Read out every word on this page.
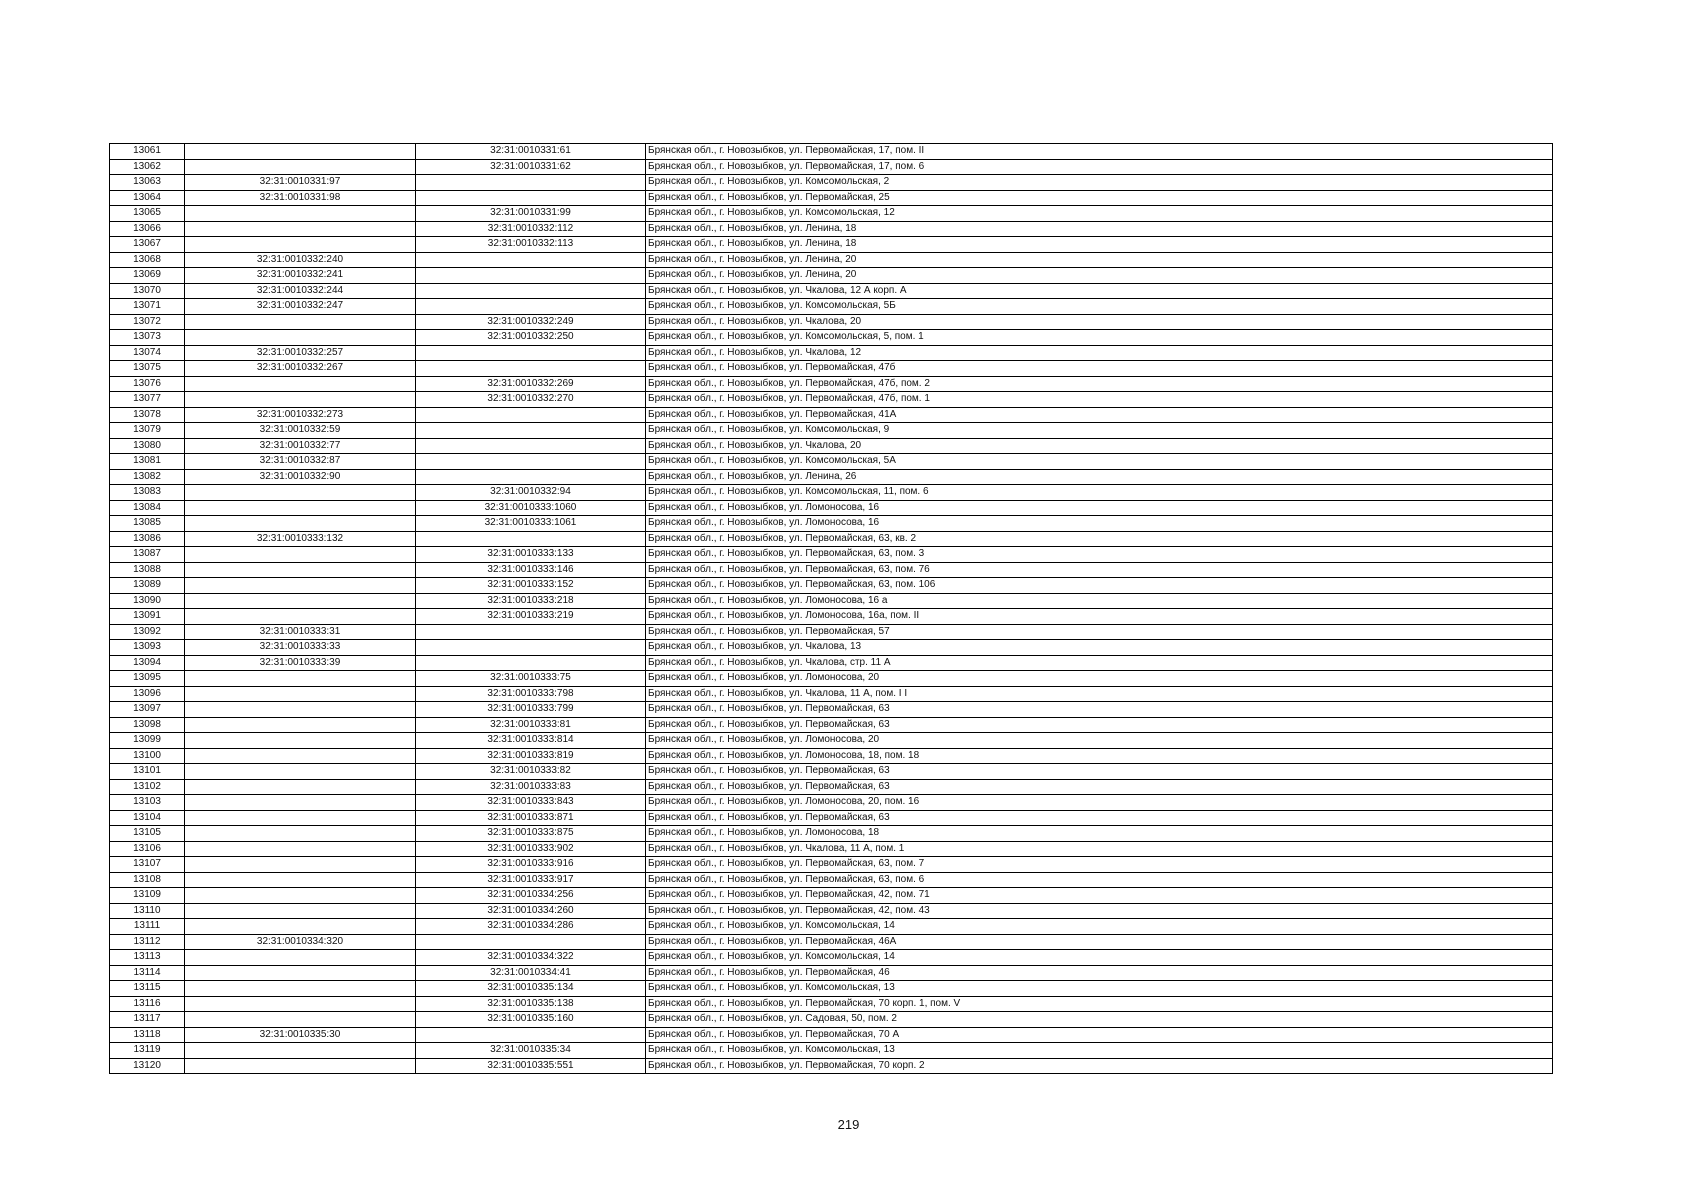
13061		32:31:0010331:61	Брянская обл., г. Новозыбков, ул. Первомайская, 17, пом. II
13062		32:31:0010331:62	Брянская обл., г. Новозыбков, ул. Первомайская, 17, пом. 6
13063	32:31:0010331:97		Брянская обл., г. Новозыбков, ул. Комсомольская, 2
13064	32:31:0010331:98		Брянская обл., г. Новозыбков, ул. Первомайская, 25
13065		32:31:0010331:99	Брянская обл., г. Новозыбков, ул. Комсомольская, 12
13066		32:31:0010332:112	Брянская обл., г. Новозыбков, ул. Ленина, 18
13067		32:31:0010332:113	Брянская обл., г. Новозыбков, ул. Ленина, 18
13068	32:31:0010332:240		Брянская обл., г. Новозыбков, ул. Ленина, 20
13069	32:31:0010332:241		Брянская обл., г. Новозыбков, ул. Ленина, 20
13070	32:31:0010332:244		Брянская обл., г. Новозыбков, ул. Чкалова, 12 А корп. А
13071	32:31:0010332:247		Брянская обл., г. Новозыбков, ул. Комсомольская, 5Б
13072		32:31:0010332:249	Брянская обл., г. Новозыбков, ул. Чкалова, 20
13073		32:31:0010332:250	Брянская обл., г. Новозыбков, ул. Комсомольская, 5, пом. 1
13074	32:31:0010332:257		Брянская обл., г. Новозыбков, ул. Чкалова, 12
13075	32:31:0010332:267		Брянская обл., г. Новозыбков, ул. Первомайская, 47б
13076		32:31:0010332:269	Брянская обл., г. Новозыбков, ул. Первомайская, 47б, пом. 2
13077		32:31:0010332:270	Брянская обл., г. Новозыбков, ул. Первомайская, 47б, пом. 1
13078	32:31:0010332:273		Брянская обл., г. Новозыбков, ул. Первомайская, 41А
13079	32:31:0010332:59		Брянская обл., г. Новозыбков, ул. Комсомольская, 9
13080	32:31:0010332:77		Брянская обл., г. Новозыбков, ул. Чкалова, 20
13081	32:31:0010332:87		Брянская обл., г. Новозыбков, ул. Комсомольская, 5А
13082	32:31:0010332:90		Брянская обл., г. Новозыбков, ул. Ленина, 26
13083		32:31:0010332:94	Брянская обл., г. Новозыбков, ул. Комсомольская, 11, пом. 6
13084		32:31:0010333:1060	Брянская обл., г. Новозыбков, ул. Ломоносова, 16
13085		32:31:0010333:1061	Брянская обл., г. Новозыбков, ул. Ломоносова, 16
13086	32:31:0010333:132		Брянская обл., г. Новозыбков, ул. Первомайская, 63, кв. 2
13087		32:31:0010333:133	Брянская обл., г. Новозыбков, ул. Первомайская, 63, пом. 3
13088		32:31:0010333:146	Брянская обл., г. Новозыбков, ул. Первомайская, 63, пом. 76
13089		32:31:0010333:152	Брянская обл., г. Новозыбков, ул. Первомайская, 63, пом. 106
13090		32:31:0010333:218	Брянская обл., г. Новозыбков, ул. Ломоносова, 16 а
13091		32:31:0010333:219	Брянская обл., г. Новозыбков, ул. Ломоносова, 16а, пом. II
13092	32:31:0010333:31		Брянская обл., г. Новозыбков, ул. Первомайская, 57
13093	32:31:0010333:33		Брянская обл., г. Новозыбков, ул. Чкалова, 13
13094	32:31:0010333:39		Брянская обл., г. Новозыбков, ул. Чкалова, стр. 11 А
13095		32:31:0010333:75	Брянская обл., г. Новозыбков, ул. Ломоносова, 20
13096		32:31:0010333:798	Брянская обл., г. Новозыбков, ул. Чкалова, 11 А, пом. I I
13097		32:31:0010333:799	Брянская обл., г. Новозыбков, ул. Первомайская, 63
13098		32:31:0010333:81	Брянская обл., г. Новозыбков, ул. Первомайская, 63
13099		32:31:0010333:814	Брянская обл., г. Новозыбков, ул. Ломоносова, 20
13100		32:31:0010333:819	Брянская обл., г. Новозыбков, ул. Ломоносова, 18, пом. 18
13101		32:31:0010333:82	Брянская обл., г. Новозыбков, ул. Первомайская, 63
13102		32:31:0010333:83	Брянская обл., г. Новозыбков, ул. Первомайская, 63
13103		32:31:0010333:843	Брянская обл., г. Новозыбков, ул. Ломоносова, 20, пом. 16
13104		32:31:0010333:871	Брянская обл., г. Новозыбков, ул. Первомайская, 63
13105		32:31:0010333:875	Брянская обл., г. Новозыбков, ул. Ломоносова, 18
13106		32:31:0010333:902	Брянская обл., г. Новозыбков, ул. Чкалова, 11 А, пом. 1
13107		32:31:0010333:916	Брянская обл., г. Новозыбков, ул. Первомайская, 63, пом. 7
13108		32:31:0010333:917	Брянская обл., г. Новозыбков, ул. Первомайская, 63, пом. 6
13109		32:31:0010334:256	Брянская обл., г. Новозыбков, ул. Первомайская, 42, пом. 71
13110		32:31:0010334:260	Брянская обл., г. Новозыбков, ул. Первомайская, 42, пом. 43
13111		32:31:0010334:286	Брянская обл., г. Новозыбков, ул. Комсомольская, 14
13112	32:31:0010334:320		Брянская обл., г. Новозыбков, ул. Первомайская, 46А
13113		32:31:0010334:322	Брянская обл., г. Новозыбков, ул. Комсомольская, 14
13114		32:31:0010334:41	Брянская обл., г. Новозыбков, ул. Первомайская, 46
13115		32:31:0010335:134	Брянская обл., г. Новозыбков, ул. Комсомольская, 13
13116		32:31:0010335:138	Брянская обл., г. Новозыбков, ул. Первомайская, 70 корп. 1, пом. V
13117		32:31:0010335:160	Брянская обл., г. Новозыбков, ул. Садовая, 50, пом. 2
13118	32:31:0010335:30		Брянская обл., г. Новозыбков, ул. Первомайская, 70 А
13119		32:31:0010335:34	Брянская обл., г. Новозыбков, ул. Комсомольская, 13
13120		32:31:0010335:551	Брянская обл., г. Новозыбков, ул. Первомайская, 70 корп. 2
219
